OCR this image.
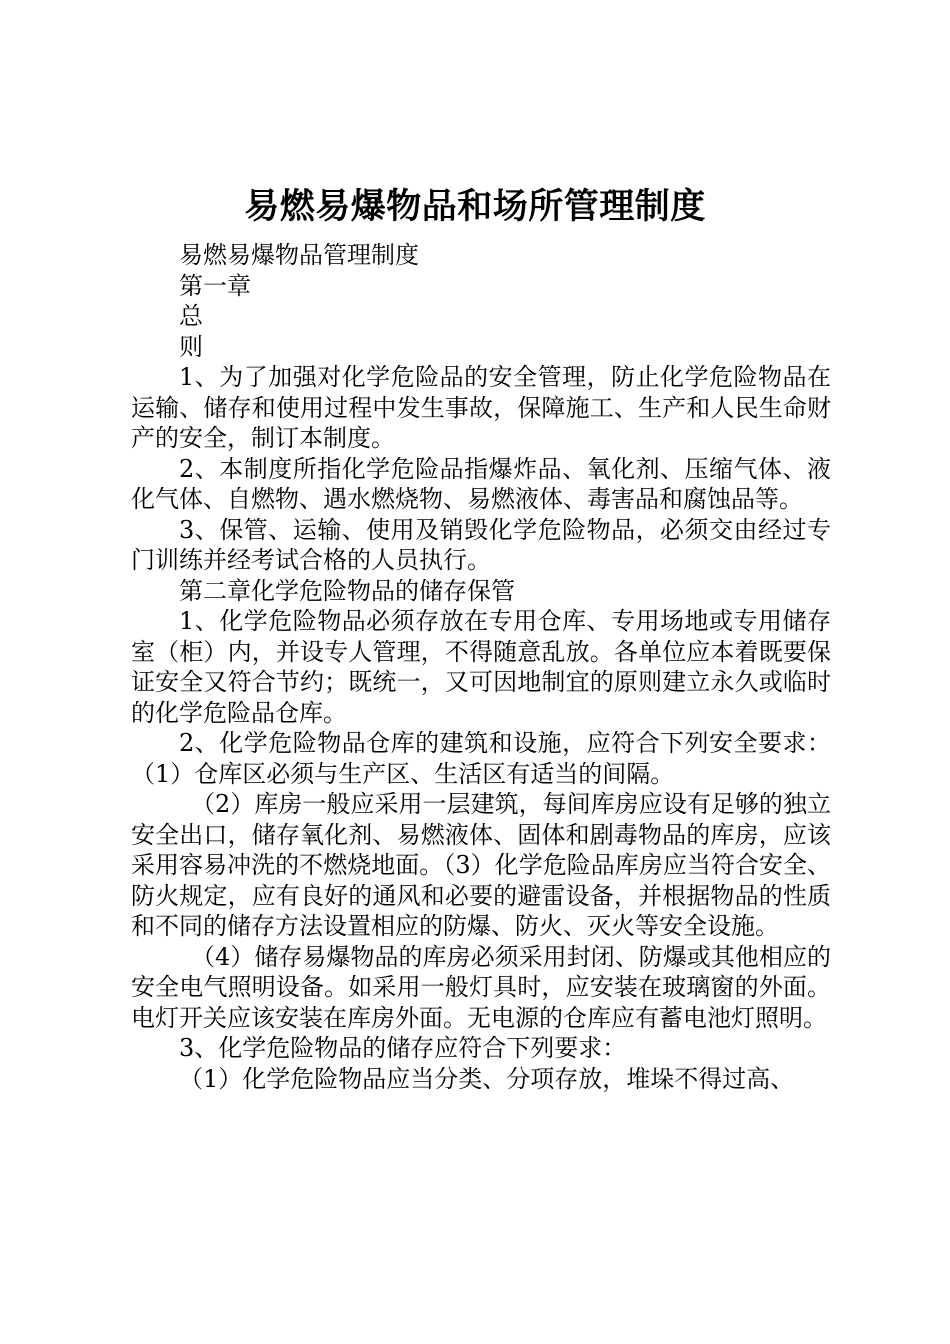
易燃易爆物品和场所管理制度

易燃易爆物品管理制度

第一章

总

则

1、为了加强对化学危险品的安全管理，防止化学危险物品在运输、储存和使用过程中发生事故，保障施工、生产和人民生命财产的安全，制订本制度。

2、本制度所指化学危险品指爆炸品、氧化剂、压缩气体、液化气体、自燃物、遇水燃烧物、易燃液体、毒害品和腐蚀品等。

3、保管、运输、使用及销毁化学危险物品，必须交由经过专门训练并经考试合格的人员执行。

第二章化学危险物品的储存保管

1、化学危险物品必须存放在专用仓库、专用场地或专用储存室（柜）内，并设专人管理，不得随意乱放。各单位应本着既要保证安全又符合节约；既统一，又可因地制宜的原则建立永久或临时的化学危险品仓库。

2、化学危险物品仓库的建筑和设施，应符合下列安全要求：（1）仓库区必须与生产区、生活区有适当的间隔。

（2）库房一般应采用一层建筑，每间库房应设有足够的独立安全出口，储存氧化剂、易燃液体、固体和剧毒物品的库房，应该采用容易冲洗的不燃烧地面。（3）化学危险品库房应当符合安全、防火规定，应有良好的通风和必要的避雷设备，并根据物品的性质和不同的储存方法设置相应的防爆、防火、灭火等安全设施。

（4）储存易爆物品的库房必须采用封闭、防爆或其他相应的安全电气照明设备。如采用一般灯具时，应安装在玻璃窗的外面。电灯开关应该安装在库房外面。无电源的仓库应有蓄电池灯照明。

3、化学危险物品的储存应符合下列要求：

（1）化学危险物品应当分类、分项存放，堆垛不得过高、
